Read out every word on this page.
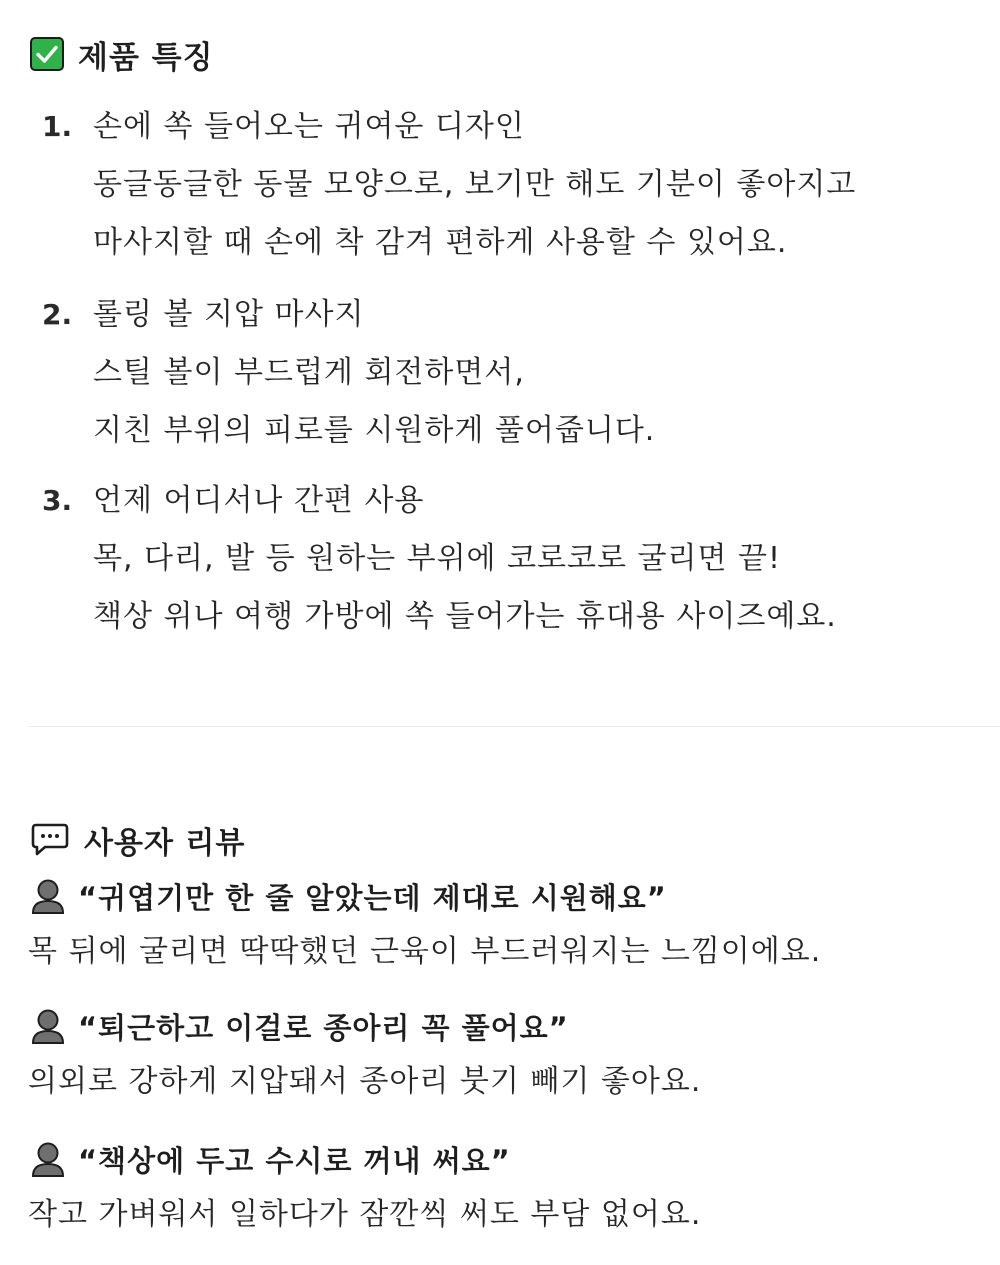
제품 특징
1. 손에 쏙 들어오는 귀여운 디자인
동글동글한 동물 모양으로, 보기만 해도 기분이 좋아지고
마사지할 때 손에 착 감겨 편하게 사용할 수 있어요.
2. 롤링 볼 지압 마사지
스틸 볼이 부드럽게 회전하면서,
지친 부위의 피로를 시원하게 풀어줍니다.
3. 언제 어디서나 간편 사용
목, 다리, 발 등 원하는 부위에 코로코로 굴리면 끝!
책상 위나 여행 가방에 쏙 들어가는 휴대용 사이즈예요.
사용자 리뷰
“귀엽기만 한 줄 알았는데 제대로 시원해요”
목 뒤에 굴리면 딱딱했던 근육이 부드러워지는 느낌이에요.
“퇴근하고 이걸로 종아리 꼭 풀어요”
의외로 강하게 지압돼서 종아리 붓기 빼기 좋아요.
“책상에 두고 수시로 꺼내 써요”
작고 가벼워서 일하다가 잠깐씩 써도 부담 없어요.
